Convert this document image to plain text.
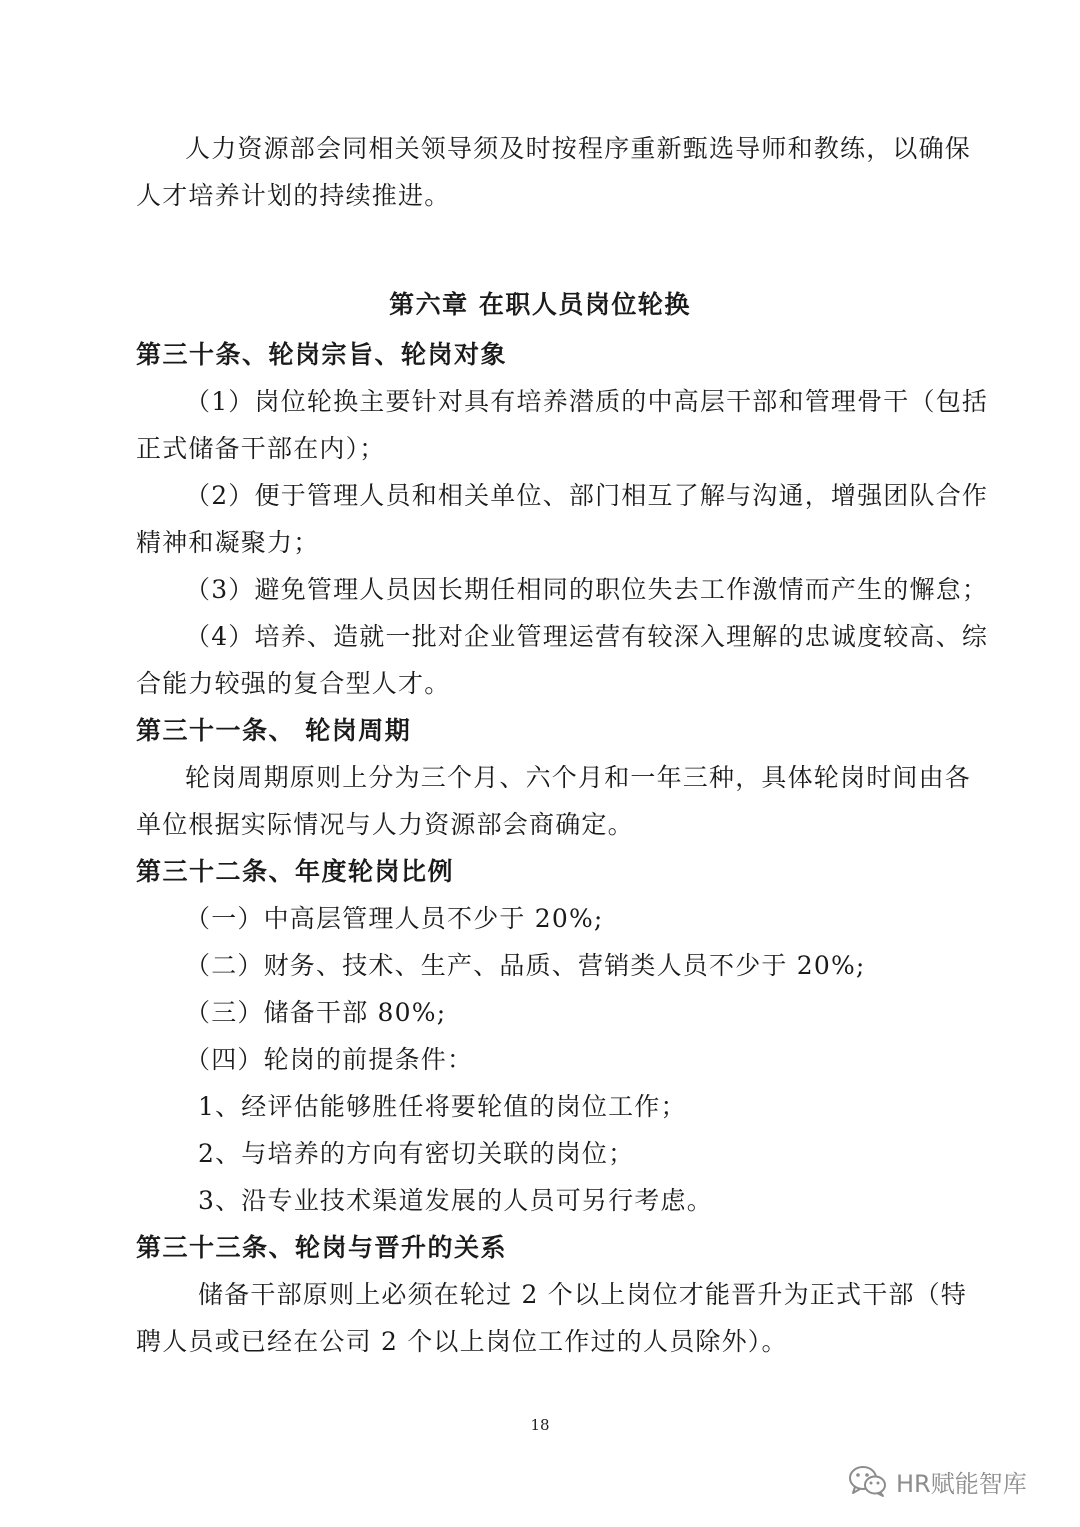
人力资源部会同相关领导须及时按程序重新甄选导师和教练，以确保
人才培养计划的持续推进。
第六章 在职人员岗位轮换
第三十条、轮岗宗旨、轮岗对象
（1）岗位轮换主要针对具有培养潜质的中高层干部和管理骨干（包括
正式储备干部在内）；
（2）便于管理人员和相关单位、部门相互了解与沟通，增强团队合作
精神和凝聚力；
（3）避免管理人员因长期任相同的职位失去工作激情而产生的懈怠；
（4）培养、造就一批对企业管理运营有较深入理解的忠诚度较高、综
合能力较强的复合型人才。
第三十一条、 轮岗周期
轮岗周期原则上分为三个月、六个月和一年三种，具体轮岗时间由各
单位根据实际情况与人力资源部会商确定。
第三十二条、年度轮岗比例
（一）中高层管理人员不少于 20%;
（二）财务、技术、生产、品质、营销类人员不少于 20%;
（三）储备干部 80%;
（四）轮岗的前提条件：
1、经评估能够胜任将要轮值的岗位工作；
2、与培养的方向有密切关联的岗位；
3、沿专业技术渠道发展的人员可另行考虑。
第三十三条、轮岗与晋升的关系
储备干部原则上必须在轮过 2 个以上岗位才能晋升为正式干部（特
聘人员或已经在公司 2 个以上岗位工作过的人员除外）。
18
HR赋能智库
